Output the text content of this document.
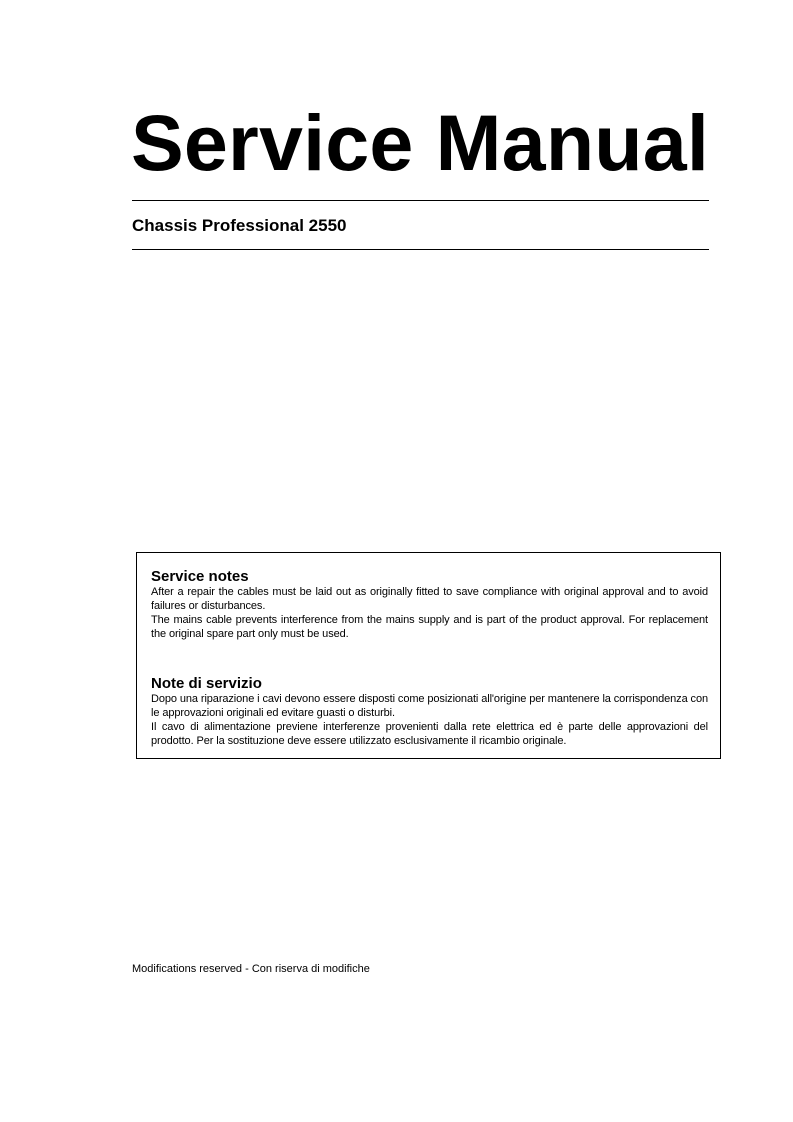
Service Manual
Chassis Professional 2550
Service notes

After a repair the cables must be laid out as originally fitted to save compliance with original approval and to avoid failures or disturbances.

The mains cable prevents interference from the mains supply and is part of the product approval. For replacement the original spare part only must be used.

Note di servizio

Dopo una riparazione i cavi devono essere disposti come posizionati all'origine per mantenere la corrispondenza con le approvazioni originali ed evitare guasti o disturbi.

Il cavo di alimentazione previene interferenze provenienti dalla rete elettrica ed è parte delle approvazioni del prodotto. Per la sostituzione deve essere utilizzato esclusivamente il ricambio originale.

Modifications reserved - Con riserva di modifiche
